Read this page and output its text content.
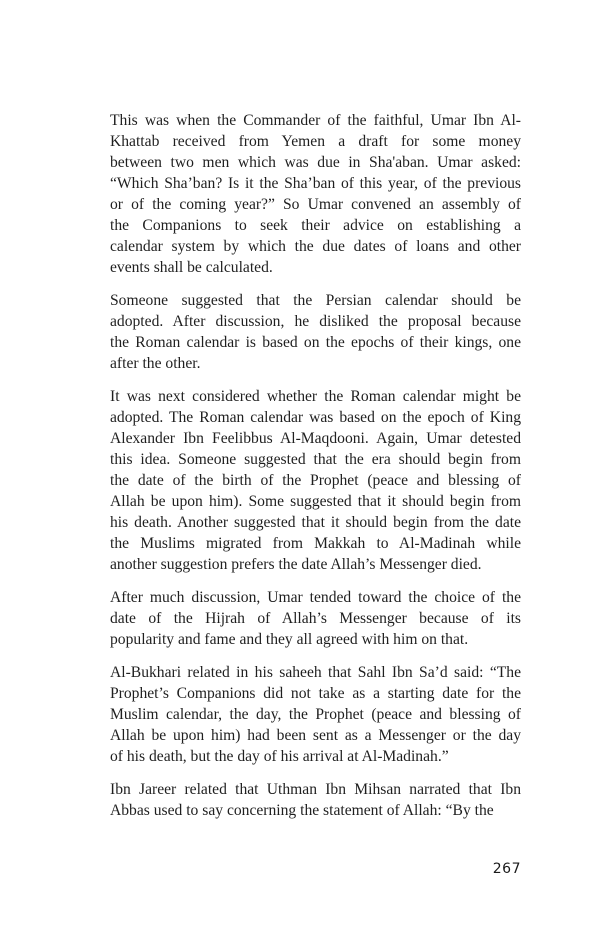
This was when the Commander of the faithful, Umar Ibn Al-
Khattab received from Yemen a draft for some money
between two men which was due in Sha'aban. Umar asked:
“Which Sha’ban? Is it the Sha’ban of this year, of the previous
or of the coming year?” So Umar convened an assembly of
the Companions to seek their advice on establishing a
calendar system by which the due dates of loans and other
events shall be calculated.
Someone suggested that the Persian calendar should be
adopted. After discussion, he disliked the proposal because
the Roman calendar is based on the epochs of their kings, one
after the other.
It was next considered whether the Roman calendar might be
adopted. The Roman calendar was based on the epoch of King
Alexander Ibn Feelibbus Al-Maqdooni. Again, Umar detested
this idea. Someone suggested that the era should begin from
the date of the birth of the Prophet (peace and blessing of
Allah be upon him). Some suggested that it should begin from
his death. Another suggested that it should begin from the date
the Muslims migrated from Makkah to Al-Madinah while
another suggestion prefers the date Allah’s Messenger died.
After much discussion, Umar tended toward the choice of the
date of the Hijrah of Allah’s Messenger because of its
popularity and fame and they all agreed with him on that.
Al-Bukhari related in his saheeh that Sahl Ibn Sa’d said: “The
Prophet’s Companions did not take as a starting date for the
Muslim calendar, the day, the Prophet (peace and blessing of
Allah be upon him) had been sent as a Messenger or the day
of his death, but the day of his arrival at Al-Madinah.”
Ibn Jareer related that Uthman Ibn Mihsan narrated that Ibn
Abbas used to say concerning the statement of Allah: “By the
267
